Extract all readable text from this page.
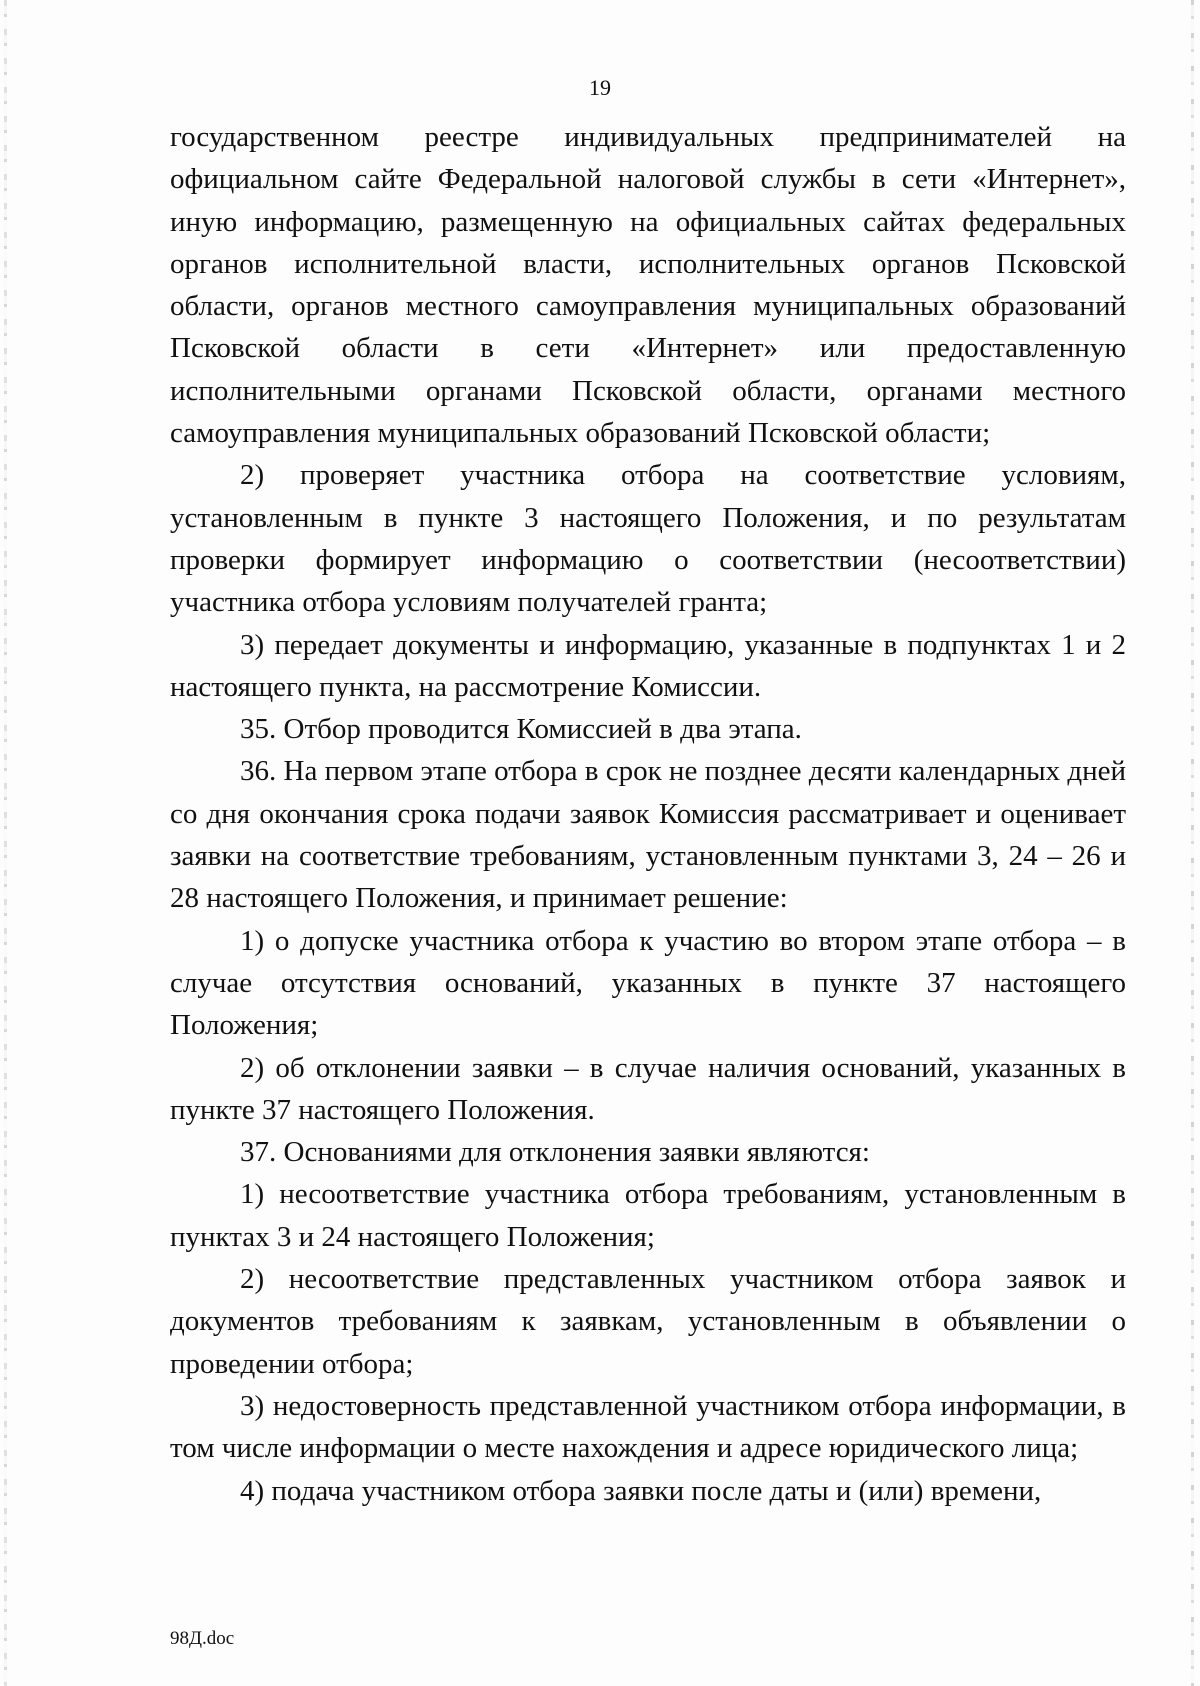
19

государственном реестре индивидуальных предпринимателей на официальном сайте Федеральной налоговой службы в сети «Интернет», иную информацию, размещенную на официальных сайтах федеральных органов исполнительной власти, исполнительных органов Псковской области, органов местного самоуправления муниципальных образований Псковской области в сети «Интернет» или предоставленную исполнительными органами Псковской области, органами местного самоуправления муниципальных образований Псковской области;

2) проверяет участника отбора на соответствие условиям, установленным в пункте 3 настоящего Положения, и по результатам проверки формирует информацию о соответствии (несоответствии) участника отбора условиям получателей гранта;

3) передает документы и информацию, указанные в подпунктах 1 и 2 настоящего пункта, на рассмотрение Комиссии.

35. Отбор проводится Комиссией в два этапа.

36. На первом этапе отбора в срок не позднее десяти календарных дней со дня окончания срока подачи заявок Комиссия рассматривает и оценивает заявки на соответствие требованиям, установленным пунктами 3, 24 – 26 и 28 настоящего Положения, и принимает решение:

1) о допуске участника отбора к участию во втором этапе отбора – в случае отсутствия оснований, указанных в пункте 37 настоящего Положения;

2) об отклонении заявки – в случае наличия оснований, указанных в пункте 37 настоящего Положения.

37. Основаниями для отклонения заявки являются:

1) несоответствие участника отбора требованиям, установленным в пунктах 3 и 24 настоящего Положения;

2) несоответствие представленных участником отбора заявок и документов требованиям к заявкам, установленным в объявлении о проведении отбора;

3) недостоверность представленной участником отбора информации, в том числе информации о месте нахождения и адресе юридического лица;

4) подача участником отбора заявки после даты и (или) времени,

98Д.doc
